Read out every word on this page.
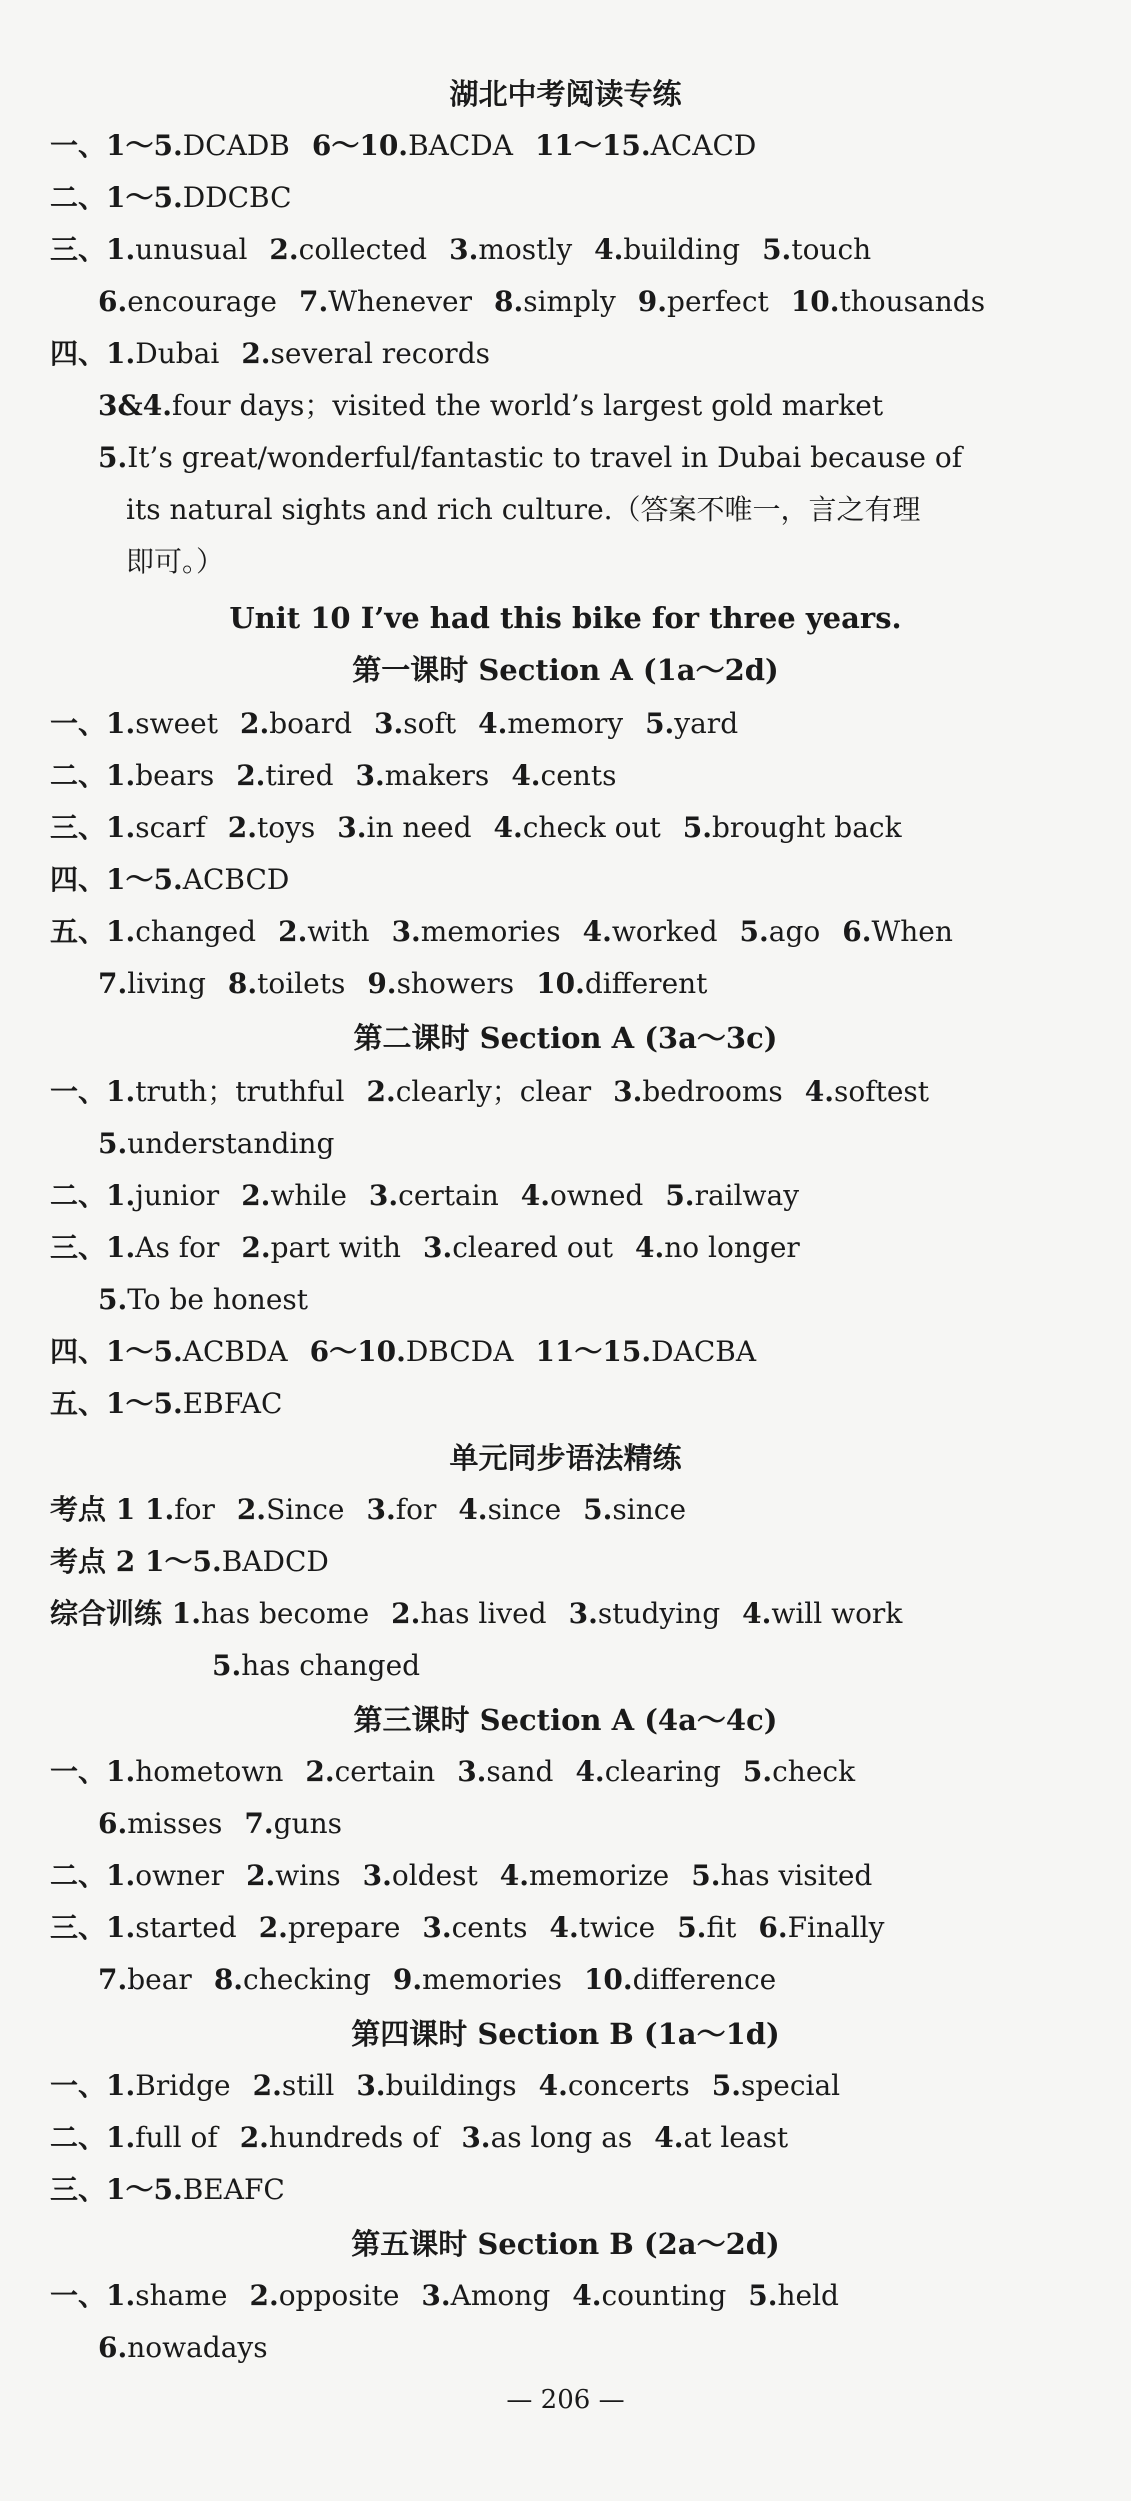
— 206 —
湖北中考阅读专练
一、1～5.DCADB 6～10.BACDA 11～15.ACACD
二、1～5.DDCBC
三、1.unusual 2.collected 3.mostly 4.building 5.touch
6.encourage 7.Whenever 8.simply 9.perfect 10.thousands
四、1.Dubai 2.several records
3&4.four days；visited the world’s largest gold market
5.It’s great/wonderful/fantastic to travel in Dubai because of
its natural sights and rich culture.（答案不唯一，言之有理
即可。）
Unit 10 I’ve had this bike for three years.
第一课时 Section A (1a～2d)
一、1.sweet 2.board 3.soft 4.memory 5.yard
二、1.bears 2.tired 3.makers 4.cents
三、1.scarf 2.toys 3.in need 4.check out 5.brought back
四、1～5.ACBCD
五、1.changed 2.with 3.memories 4.worked 5.ago 6.When
7.living 8.toilets 9.showers 10.different
第二课时 Section A (3a～3c)
一、1.truth；truthful 2.clearly；clear 3.bedrooms 4.softest
5.understanding
二、1.junior 2.while 3.certain 4.owned 5.railway
三、1.As for 2.part with 3.cleared out 4.no longer
5.To be honest
四、1～5.ACBDA 6～10.DBCDA 11～15.DACBA
五、1～5.EBFAC
单元同步语法精练
考点 1 1.for 2.Since 3.for 4.since 5.since
考点 2 1～5.BADCD
综合训练 1.has become 2.has lived 3.studying 4.will work
5.has changed
第三课时 Section A (4a～4c)
一、1.hometown 2.certain 3.sand 4.clearing 5.check
6.misses 7.guns
二、1.owner 2.wins 3.oldest 4.memorize 5.has visited
三、1.started 2.prepare 3.cents 4.twice 5.fit 6.Finally
7.bear 8.checking 9.memories 10.difference
第四课时 Section B (1a～1d)
一、1.Bridge 2.still 3.buildings 4.concerts 5.special
二、1.full of 2.hundreds of 3.as long as 4.at least
三、1～5.BEAFC
第五课时 Section B (2a～2d)
一、1.shame 2.opposite 3.Among 4.counting 5.held
6.nowadays
